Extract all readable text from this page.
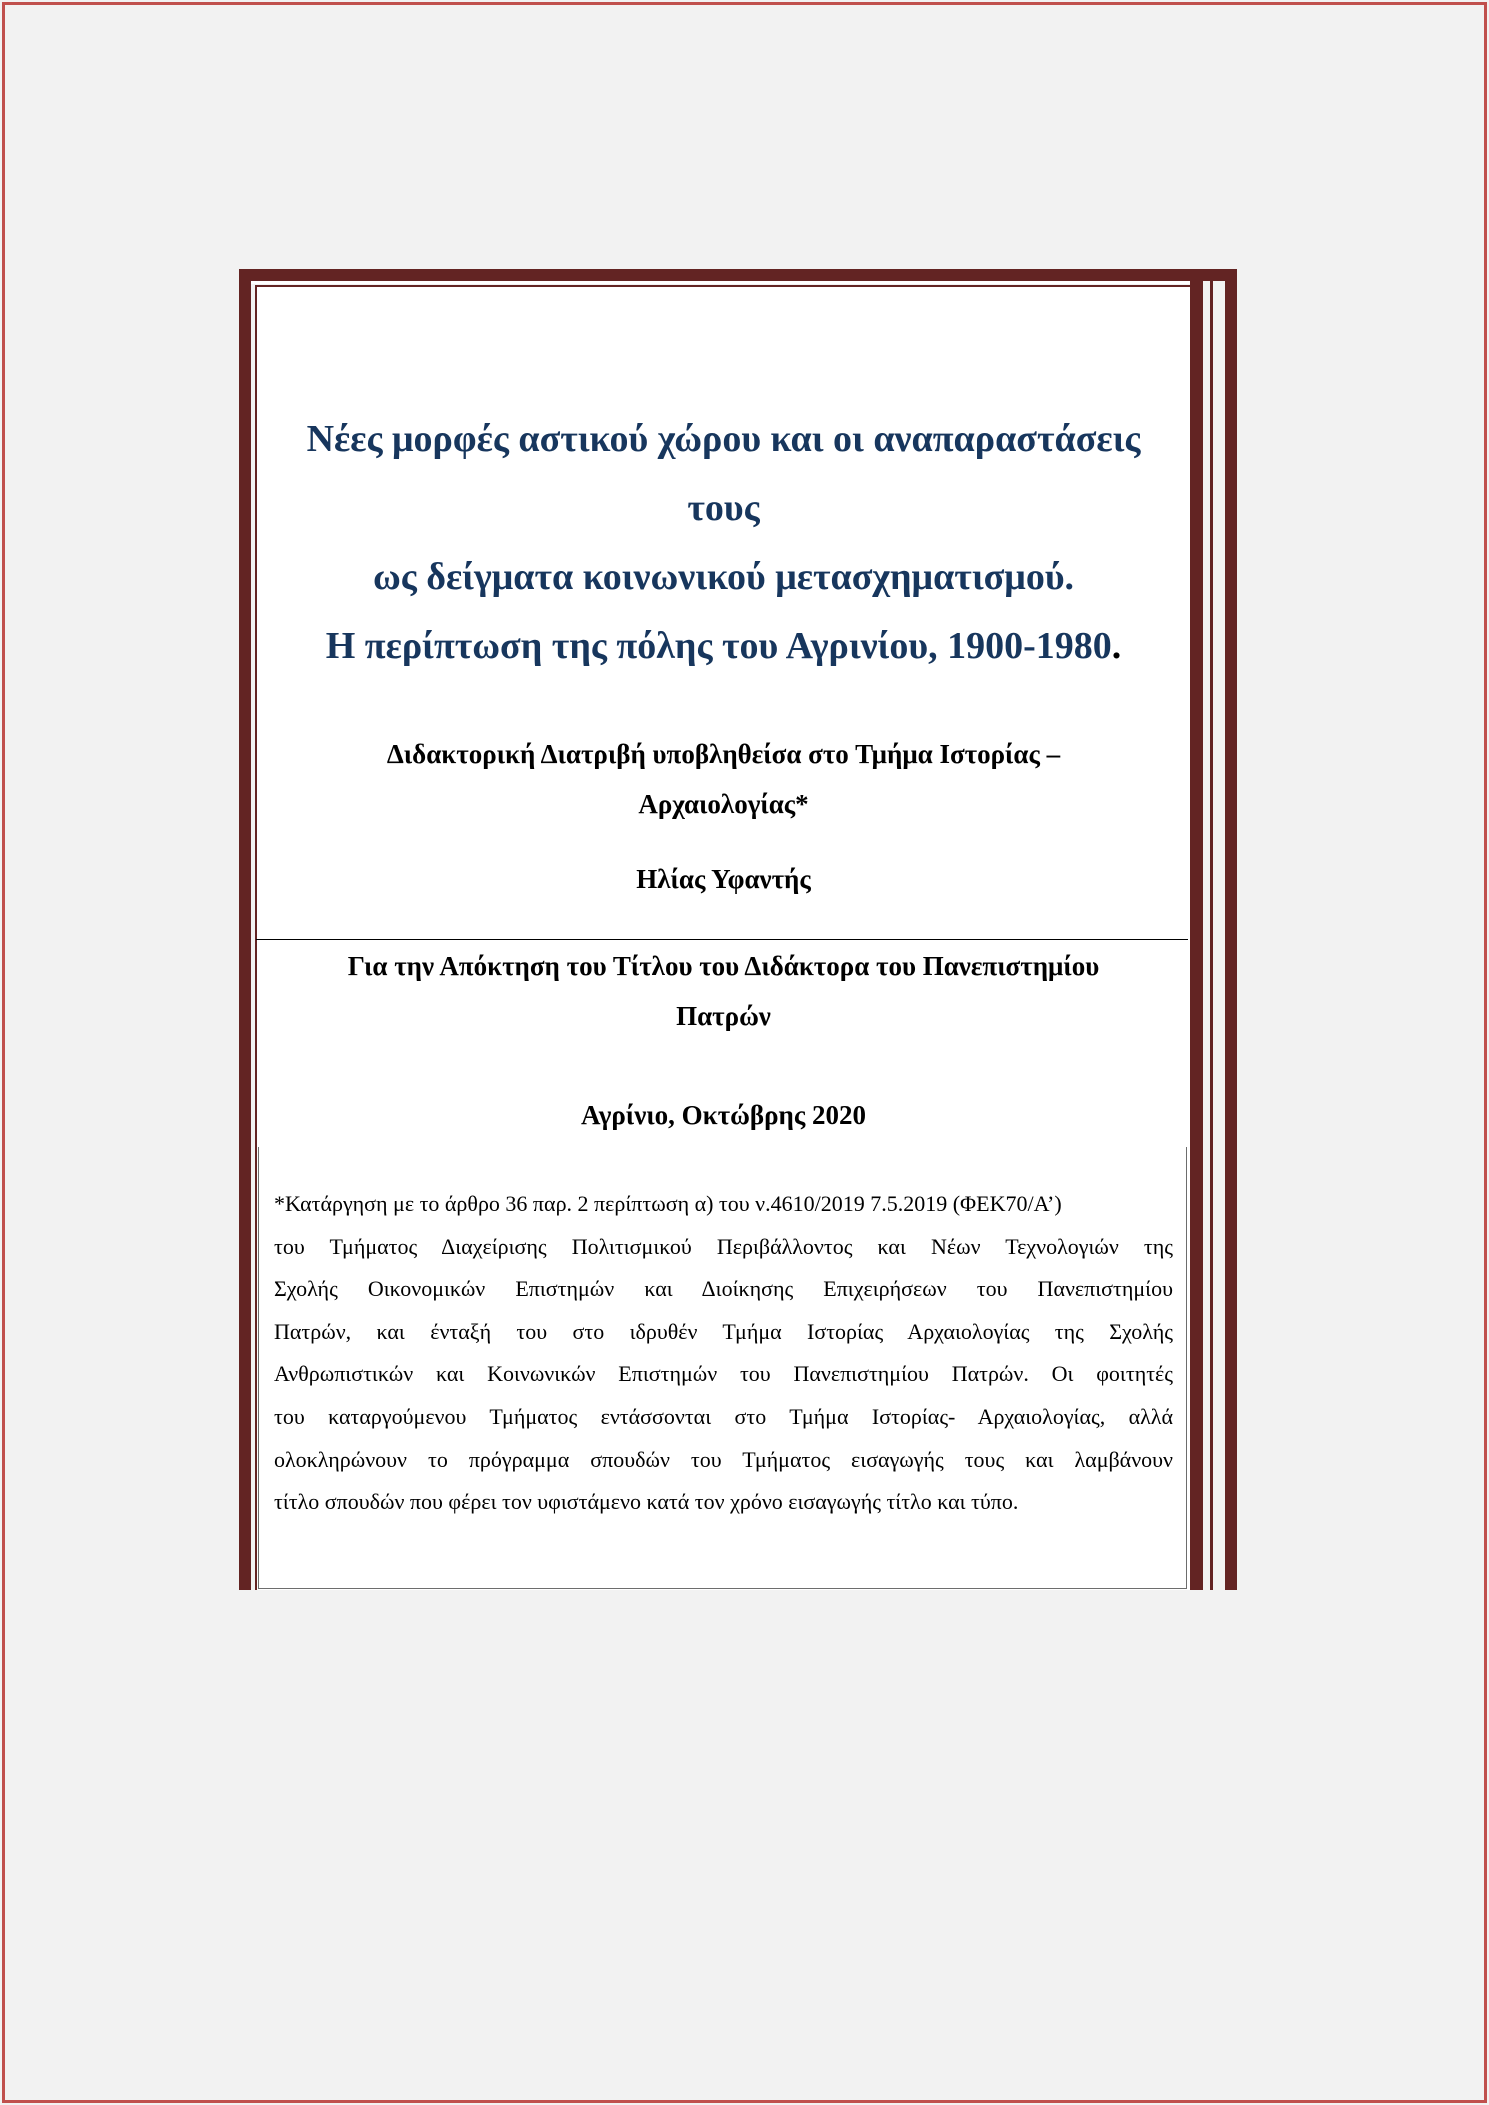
Νέες μορφές αστικού χώρου και οι αναπαραστάσεις
τους
ως δείγματα κοινωνικού μετασχηματισμού.
Η περίπτωση της πόλης του Αγρινίου, 1900-1980.
Διδακτορική Διατριβή υποβληθείσα στο Τμήμα Ιστορίας –
Αρχαιολογίας*
Ηλίας Υφαντής
Για την Απόκτηση του Τίτλου του Διδάκτορα του Πανεπιστημίου
Πατρών
Αγρίνιο, Οκτώβρης 2020
*Κατάργηση με το άρθρο 36 παρ. 2 περίπτωση α) του ν.4610/2019 7.5.2019 (ΦΕΚ70/Α’)
του Τμήματος Διαχείρισης Πολιτισμικού Περιβάλλοντος και Νέων Τεχνολογιών της
Σχολής Οικονομικών Επιστημών και Διοίκησης Επιχειρήσεων του Πανεπιστημίου
Πατρών, και ένταξή του στο ιδρυθέν Τμήμα Ιστορίας Αρχαιολογίας της Σχολής
Ανθρωπιστικών και Κοινωνικών Επιστημών του Πανεπιστημίου Πατρών. Οι φοιτητές
του καταργούμενου Τμήματος εντάσσονται στο Τμήμα Ιστορίας- Αρχαιολογίας, αλλά
ολοκληρώνουν το πρόγραμμα σπουδών του Τμήματος εισαγωγής τους και λαμβάνουν
τίτλο σπουδών που φέρει τον υφιστάμενο κατά τον χρόνο εισαγωγής τίτλο και τύπο.
